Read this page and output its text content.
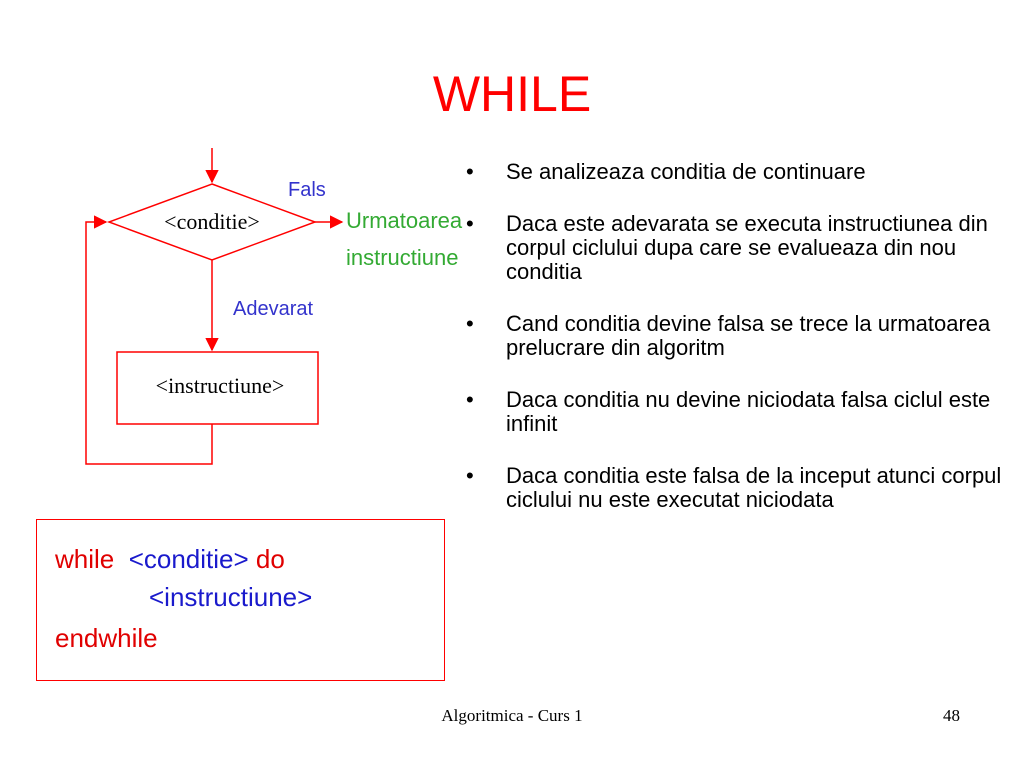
WHILE
<conditie>
<instructiune>
Fals
Adevarat
Urmatoarea
instructiune
while <conditie> do
<instructiune>
endwhile
• Se analizeaza conditia de continuare
• Daca este adevarata se executa instructiunea din corpul ciclului dupa care se evalueaza din nou conditia
• Cand conditia devine falsa se trece la urmatoarea prelucrare din algoritm
• Daca conditia nu devine niciodata falsa ciclul este infinit
• Daca conditia este falsa de la inceput atunci corpul ciclului nu este executat niciodata
Algoritmica - Curs 1	48
